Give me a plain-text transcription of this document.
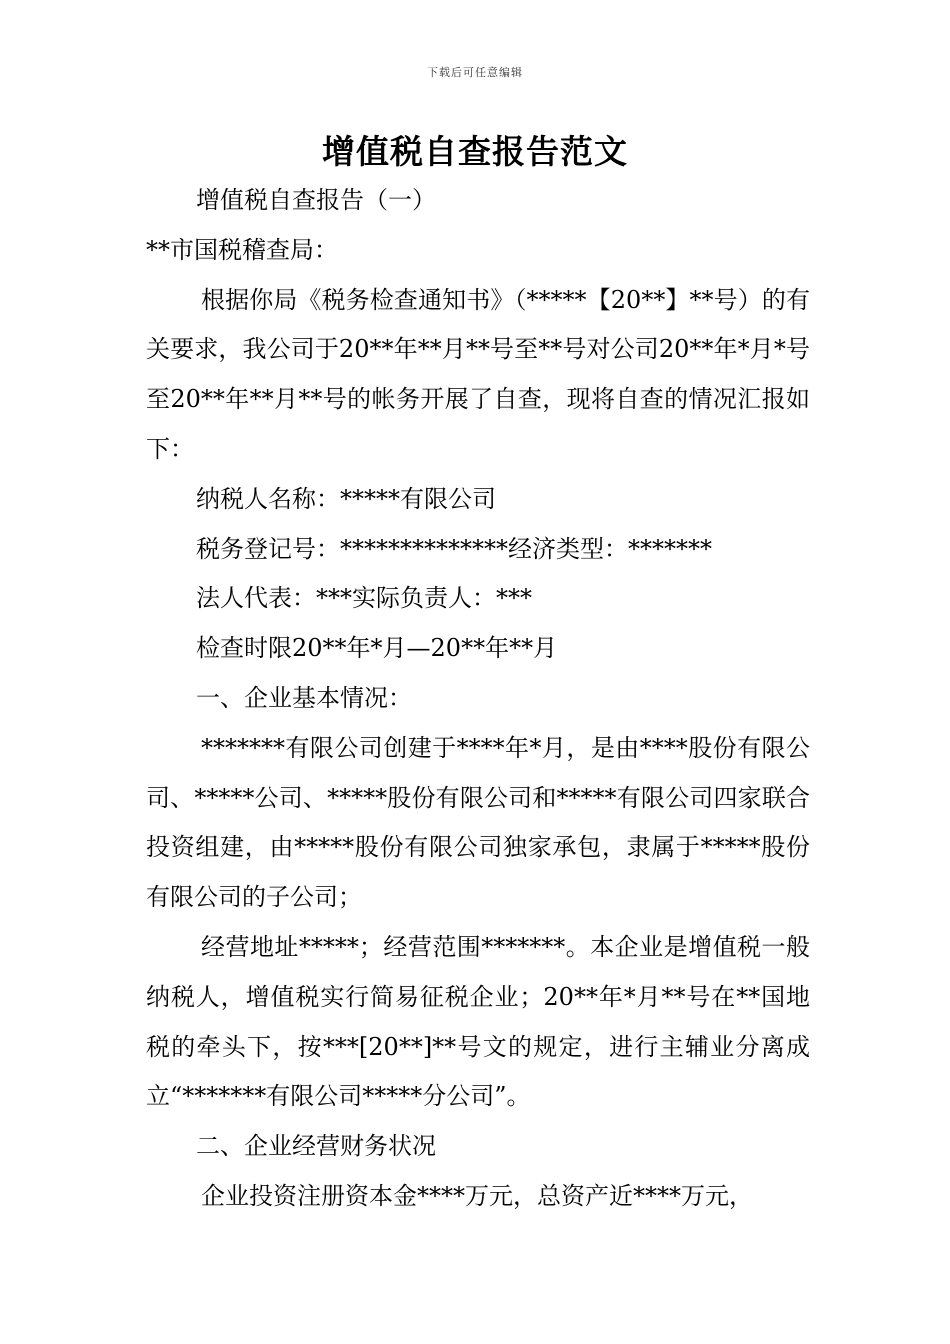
下载后可任意编辑
增值税自查报告范文

增值税自查报告（一）

**市国税稽查局：

根据你局《税务检查通知书》（*****【20**】**号）的有关要求，我公司于20**年**月**号至**号对公司20**年*月*号至20**年**月**号的帐务开展了自查，现将自查的情况汇报如下：

纳税人名称：*****有限公司

税务登记号：**************经济类型：*******

法人代表：***实际负责人：***

检查时限20**年*月—20**年**月

一、企业基本情况：

*******有限公司创建于****年*月，是由****股份有限公司、*****公司、*****股份有限公司和*****有限公司四家联合投资组建，由*****股份有限公司独家承包，隶属于*****股份有限公司的子公司；

经营地址*****；经营范围*******。本企业是增值税一般纳税人，增值税实行简易征税企业；20**年*月**号在**国地税的牵头下，按***[20**]**号文的规定，进行主辅业分离成立“*******有限公司*****分公司”。

二、企业经营财务状况

企业投资注册资本金****万元，总资产近****万元，
